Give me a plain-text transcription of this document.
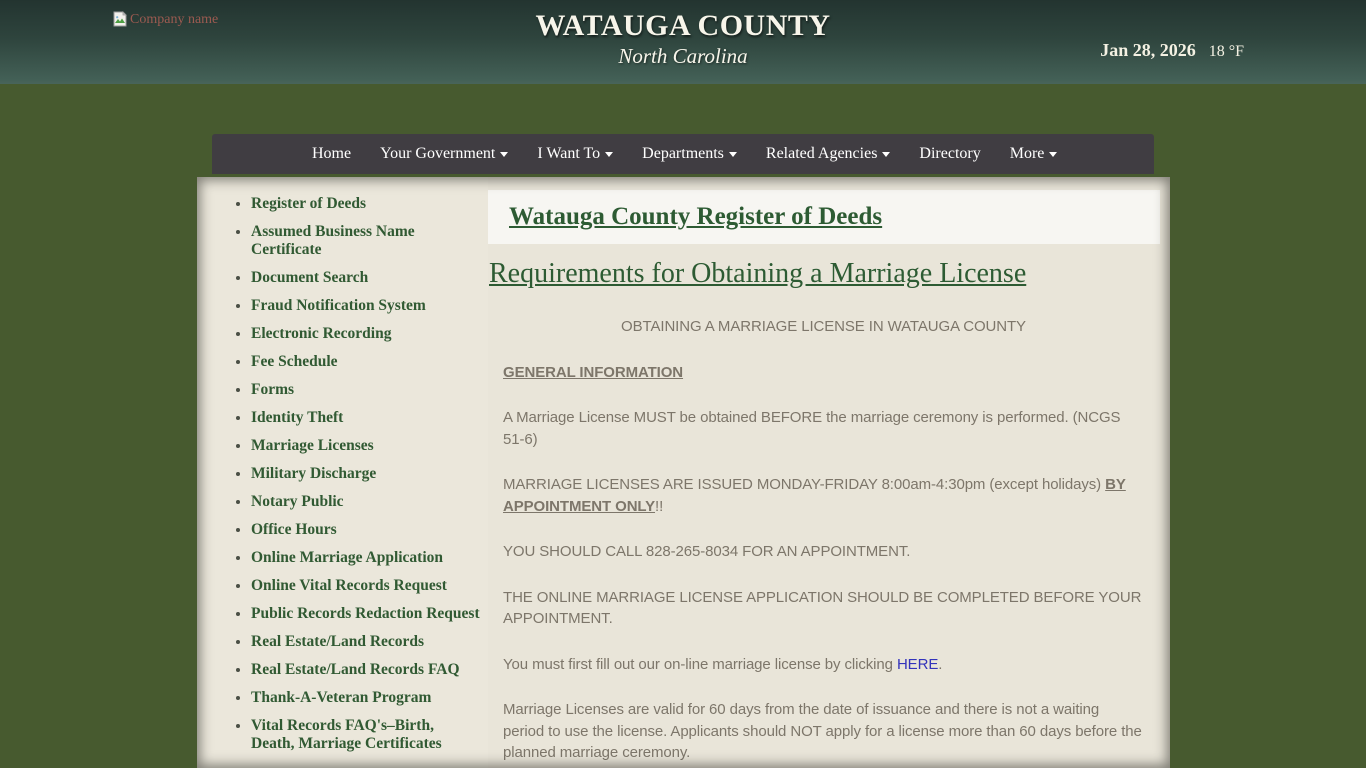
Company name	WATAUGA COUNTY
North Carolina	Jan 28, 2026 18 °F
Home Your Government	I Want To	Departments	Related Agencies	Directory More
• Register of Deeds
• Assumed Business Name Certificate
• Document Search
• Fraud Notification System
• Electronic Recording
• Fee Schedule
• Forms
• Identity Theft
• Marriage Licenses
• Military Discharge
• Notary Public
• Office Hours
• Online Marriage Application
• Online Vital Records Request
• Public Records Redaction Request
• Real Estate/Land Records
• Real Estate/Land Records FAQ
• Thank-A-Veteran Program
• Vital Records FAQ's–Birth, Death, Marriage Certificates
Watauga County Register of Deeds
Requirements for Obtaining a Marriage License

OBTAINING A MARRIAGE LICENSE IN WATAUGA COUNTY

GENERAL INFORMATION

A Marriage License MUST be obtained BEFORE the marriage ceremony is performed. (NCGS 51-6)

MARRIAGE LICENSES ARE ISSUED MONDAY-FRIDAY 8:00am-4:30pm (except holidays) BY APPOINTMENT ONLY!!

YOU SHOULD CALL 828-265-8034 FOR AN APPOINTMENT.

THE ONLINE MARRIAGE LICENSE APPLICATION SHOULD BE COMPLETED BEFORE YOUR APPOINTMENT.

You must first fill out our on-line marriage license by clicking HERE.

Marriage Licenses are valid for 60 days from the date of issuance and there is not a waiting period to use the license. Applicants should NOT apply for a license more than 60 days before the planned marriage ceremony.
